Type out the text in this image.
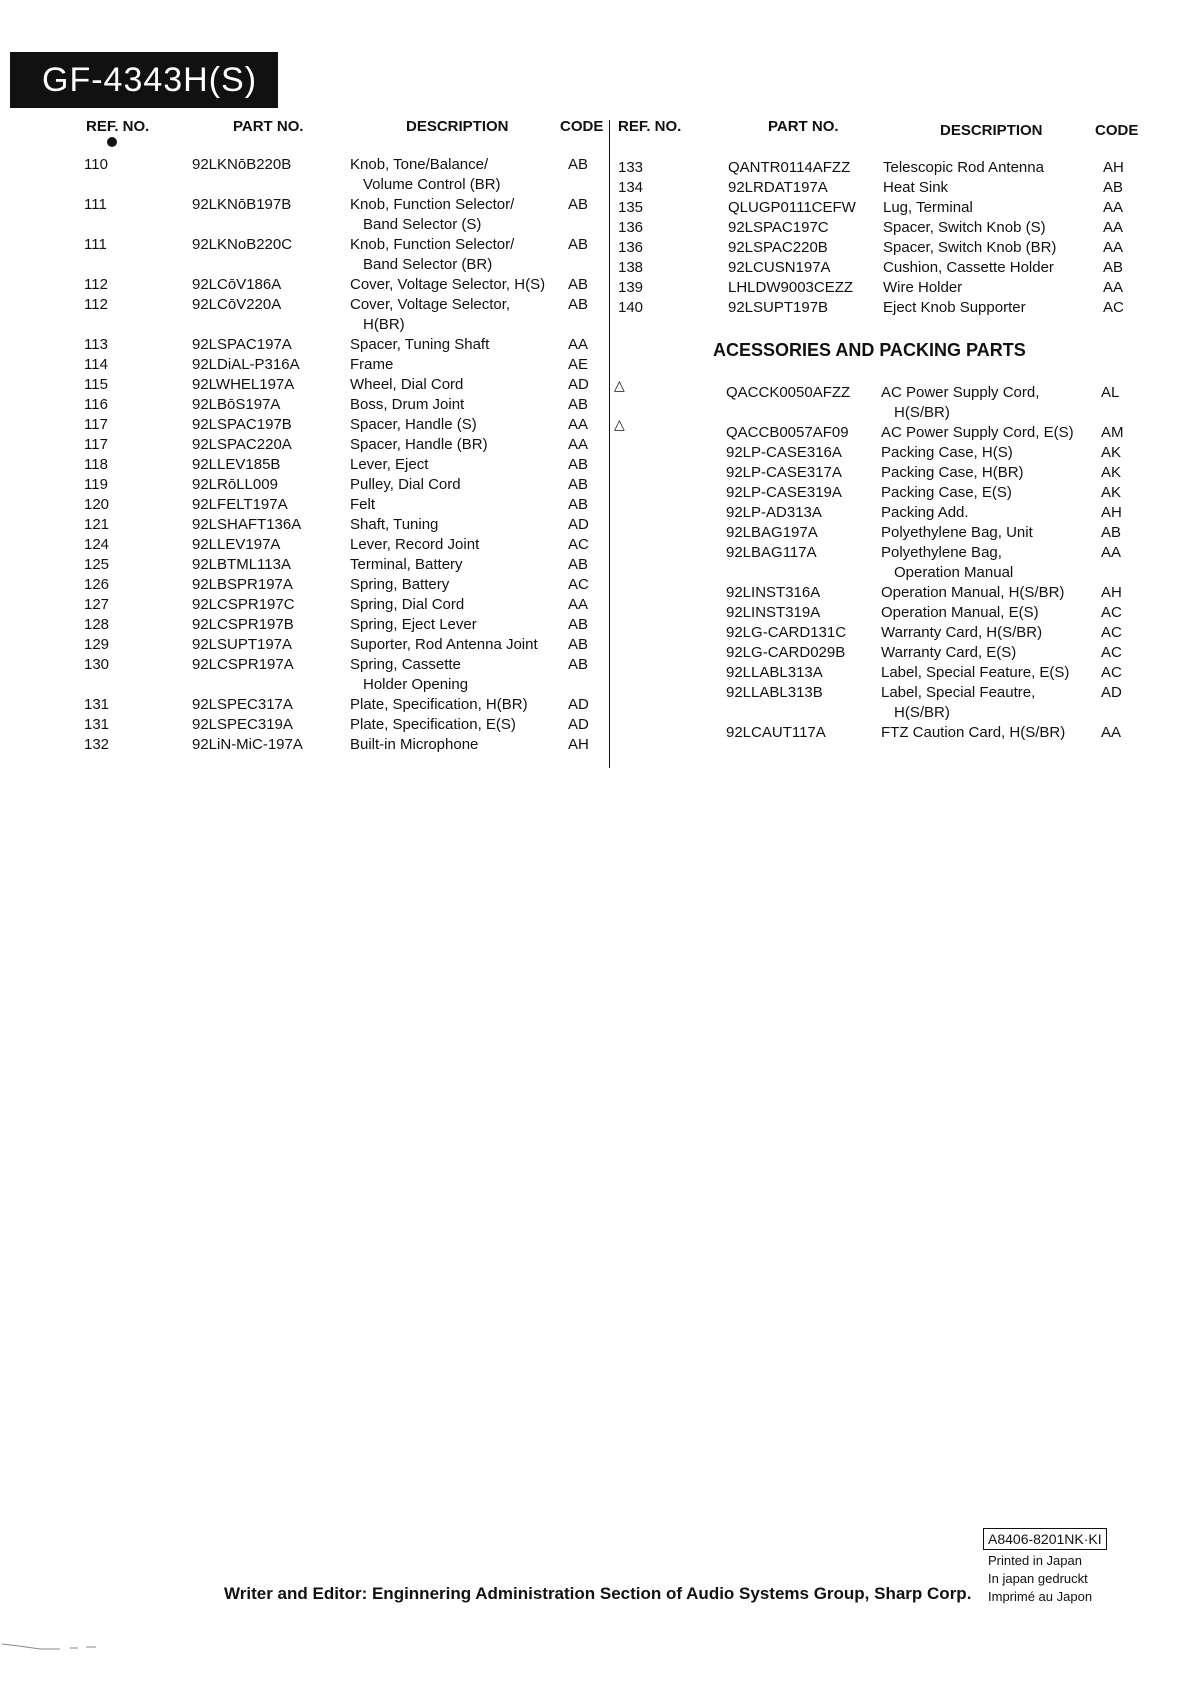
GF-4343H(S)
REF. NO.	PART NO.	DESCRIPTION	CODE REF. NO.	PART NO.	DESCRIPTION	CODE
110	92LKNōB220B	Knob, Tone/Balance/	AB
Volume Control (BR)
111	92LKNōB197B	Knob, Function Selector/	AB
Band Selector (S)
111	92LKNoB220C	Knob, Function Selector/	AB
Band Selector (BR)
112	92LCōV186A	Cover, Voltage Selector, H(S) AB
112	92LCōV220A	Cover, Voltage Selector,	AB
H(BR)
113	92LSPAC197A	Spacer, Tuning Shaft	AA
114	92LDiAL-P316A	Frame	AE
115	92LWHEL197A	Wheel, Dial Cord	AD
116	92LBōS197A	Boss, Drum Joint	AB
117	92LSPAC197B	Spacer, Handle (S)	AA
117	92LSPAC220A	Spacer, Handle (BR)	AA
118	92LLEV185B	Lever, Eject	AB
119	92LRōLL009	Pulley, Dial Cord	AB
120	92LFELT197A	Felt	AB
121	92LSHAFT136A	Shaft, Tuning	AD
124	92LLEV197A	Lever, Record Joint	AC
125	92LBTML113A	Terminal, Battery	AB
126	92LBSPR197A	Spring, Battery	AC
127	92LCSPR197C	Spring, Dial Cord	AA
128	92LCSPR197B	Spring, Eject Lever	AB
129	92LSUPT197A	Suporter, Rod Antenna Joint AB
130	92LCSPR197A	Spring, Cassette	AB
Holder Opening
131	92LSPEC317A	Plate, Specification, H(BR)	AD
131	92LSPEC319A	Plate, Specification, E(S)	AD
132	92LiN-MiC-197A	Built-in Microphone	AH
133	QANTR0114AFZZ Telescopic Rod Antenna	AH
134	92LRDAT197A	Heat Sink	AB
135	QLUGP0111CEFW Lug, Terminal	AA
136	92LSPAC197C	Spacer, Switch Knob (S)	AA
136	92LSPAC220B	Spacer, Switch Knob (BR)	AA
138	92LCUSN197A	Cushion, Cassette Holder	AB
139	LHLDW9003CEZZ Wire Holder	AA
140	92LSUPT197B	Eject Knob Supporter	AC
ACESSORIES AND PACKING PARTS
△
△
QACCK0050AFZZ AC Power Supply Cord,	AL
H(S/BR)
QACCB0057AF09 AC Power Supply Cord, E(S) AM
92LP-CASE316A	Packing Case, H(S)	AK
92LP-CASE317A	Packing Case, H(BR)	AK
92LP-CASE319A	Packing Case, E(S)	AK
92LP-AD313A	Packing Add.	AH
92LBAG197A	Polyethylene Bag, Unit	AB
92LBAG117A	Polyethylene Bag,	AA
Operation Manual
92LINST316A	Operation Manual, H(S/BR) AH
92LINST319A	Operation Manual, E(S)	AC
92LG-CARD131C Warranty Card, H(S/BR)	AC
92LG-CARD029B Warranty Card, E(S)	AC
92LLABL313A	Label, Special Feature, E(S) AC
92LLABL313B	Label, Special Feautre,	AD
H(S/BR)
92LCAUT117A	FTZ Caution Card, H(S/BR) AA
A8406-8201NK·KI
Printed in Japan
In japan gedruckt
Imprimé au Japon
Writer and Editor: Enginnering Administration Section of Audio Systems Group, Sharp Corp.
